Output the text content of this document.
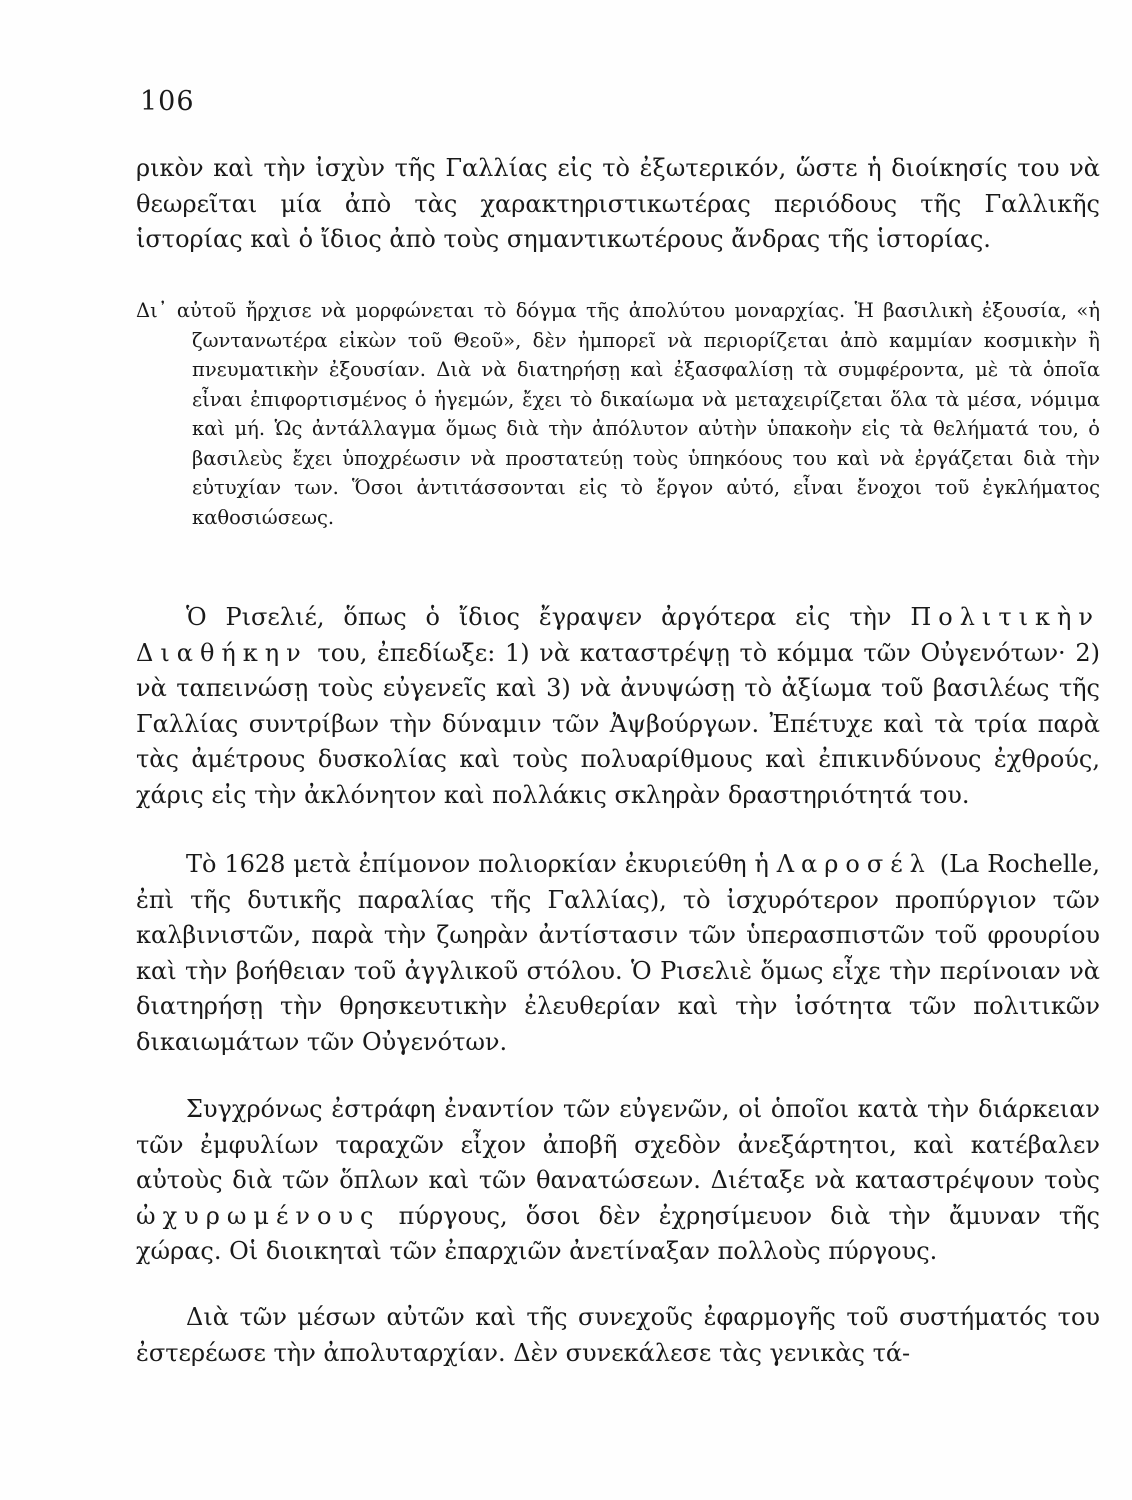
106

ρικὸν καὶ τὴν ἰσχὺν τῆς Γαλλίας εἰς τὸ ἐξωτερικόν, ὥστε ἡ διοίκησίς του νὰ θεωρεῖται μία ἀπὸ τὰς χαρακτηριστικωτέρας περιόδους τῆς Γαλλικῆς ἱστορίας καὶ ὁ ἴδιος ἀπὸ τοὺς σημαντικωτέρους ἄνδρας τῆς ἱστορίας.

Δι᾽ αὐτοῦ ἤρχισε νὰ μορφώνεται τὸ δόγμα τῆς ἀπολύτου μοναρχίας. Ἡ βασιλικὴ ἐξουσία, «ἡ ζωντανωτέρα εἰκὼν τοῦ Θεοῦ», δὲν ἠμπορεῖ νὰ περιορίζεται ἀπὸ καμμίαν κοσμικὴν ἢ πνευματικὴν ἐξουσίαν. Διὰ νὰ διατηρήσῃ καὶ ἐξασφαλίσῃ τὰ συμφέροντα, μὲ τὰ ὁποῖα εἶναι ἐπιφορτισμένος ὁ ἡγεμών, ἔχει τὸ δικαίωμα νὰ μεταχειρίζεται ὅλα τὰ μέσα, νόμιμα καὶ μή. Ὡς ἀντάλλαγμα ὅμως διὰ τὴν ἀπόλυτον αὐτὴν ὑπακοὴν εἰς τὰ θελήματά του, ὁ βασιλεὺς ἔχει ὑποχρέωσιν νὰ προστατεύῃ τοὺς ὑπηκόους του καὶ νὰ ἐργάζεται διὰ τὴν εὐτυχίαν των. Ὅσοι ἀντιτάσσονται εἰς τὸ ἔργον αὐτό, εἶναι ἔνοχοι τοῦ ἐγκλήματος καθοσιώσεως.

Ὁ Ρισελιέ, ὅπως ὁ ἴδιος ἔγραψεν ἀργότερα εἰς τὴν Πολιτικὴν Διαθήκην του, ἐπεδίωξε: 1) νὰ καταστρέψῃ τὸ κόμμα τῶν Οὐγενότων· 2) νὰ ταπεινώσῃ τοὺς εὐγενεῖς καὶ 3) νὰ ἀνυψώσῃ τὸ ἀξίωμα τοῦ βασιλέως τῆς Γαλλίας συντρίβων τὴν δύναμιν τῶν Ἀψβούργων. Ἐπέτυχε καὶ τὰ τρία παρὰ τὰς ἀμέτρους δυσκολίας καὶ τοὺς πολυαρίθμους καὶ ἐπικινδύνους ἐχθρούς, χάρις εἰς τὴν ἀκλόνητον καὶ πολλάκις σκληρὰν δραστηριότητά του.

Τὸ 1628 μετὰ ἐπίμονον πολιορκίαν ἐκυριεύθη ἡ Λαροσέλ (La Rochelle, ἐπὶ τῆς δυτικῆς παραλίας τῆς Γαλλίας), τὸ ἰσχυρότερον προπύργιον τῶν καλβινιστῶν, παρὰ τὴν ζωηρὰν ἀντίστασιν τῶν ὑπερασπιστῶν τοῦ φρουρίου καὶ τὴν βοήθειαν τοῦ ἀγγλικοῦ στόλου. Ὁ Ρισελιὲ ὅμως εἶχε τὴν περίνοιαν νὰ διατηρήσῃ τὴν θρησκευτικὴν ἐλευθερίαν καὶ τὴν ἰσότητα τῶν πολιτικῶν δικαιωμάτων τῶν Οὐγενότων.

Συγχρόνως ἐστράφη ἐναντίον τῶν εὐγενῶν, οἱ ὁποῖοι κατὰ τὴν διάρκειαν τῶν ἐμφυλίων ταραχῶν εἶχον ἀποβῆ σχεδὸν ἀνεξάρτητοι, καὶ κατέβαλεν αὐτοὺς διὰ τῶν ὅπλων καὶ τῶν θανατώσεων. Διέταξε νὰ καταστρέψουν τοὺς ὠχυρωμένους πύργους, ὅσοι δὲν ἐχρησίμευον διὰ τὴν ἄμυναν τῆς χώρας. Οἱ διοικηταὶ τῶν ἐπαρχιῶν ἀνετίναξαν πολλοὺς πύργους.

Διὰ τῶν μέσων αὐτῶν καὶ τῆς συνεχοῦς ἐφαρμογῆς τοῦ συστήματός του ἐστερέωσε τὴν ἀπολυταρχίαν. Δὲν συνεκάλεσε τὰς γενικὰς τά-
